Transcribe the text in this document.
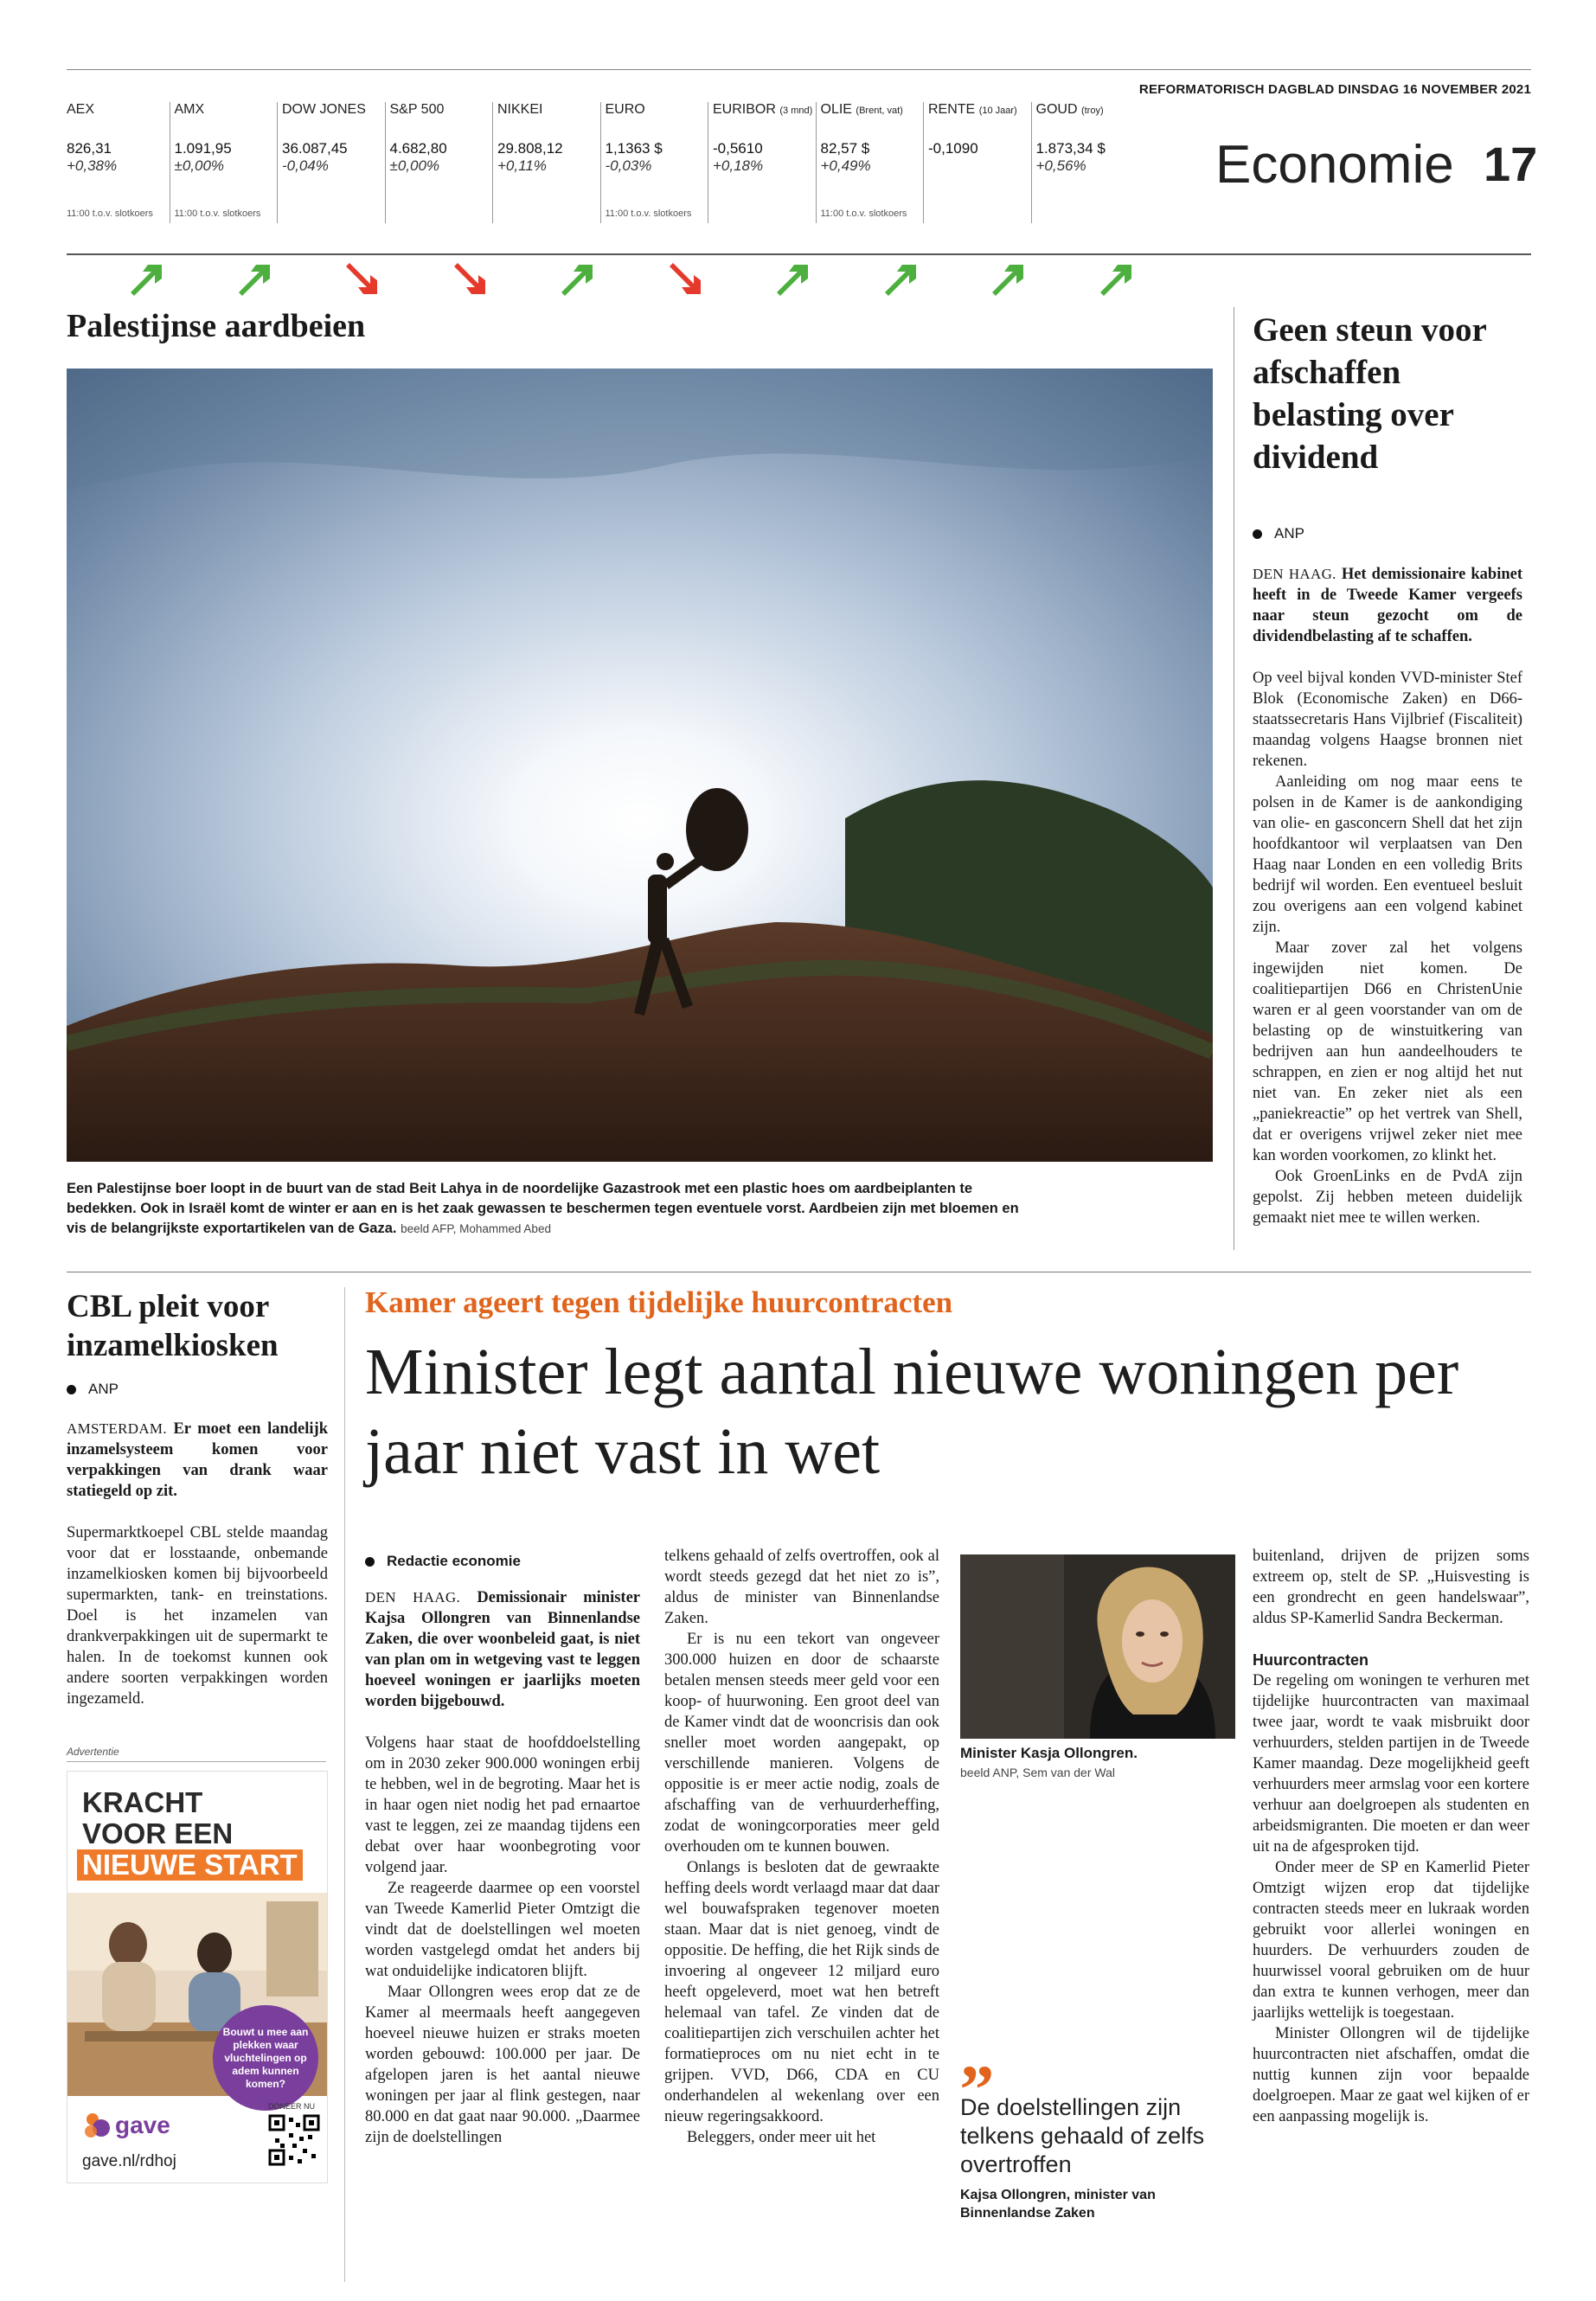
REFORMATORISCH DAGBLAD DINSDAG 16 NOVEMBER 2021
Economie 17
AEX
826,31
+0,38%
11:00 t.o.v. slotkoers
AMX
1.091,95
±0,00%
11:00 t.o.v. slotkoers
DOW JONES
36.087,45
-0,04%
S&P 500
4.682,80
±0,00%
NIKKEI
29.808,12
+0,11%
EURO
1,1363 $
-0,03%
11:00 t.o.v. slotkoers
EURIBOR (3 mnd)
-0,5610
+0,18%
OLIE (Brent, vat)
82,57 $
+0,49%
11:00 t.o.v. slotkoers
RENTE (10 Jaar)
-0,1090
GOUD (troy)
1.873,34 $
+0,56%
Palestijnse aardbeien
Een Palestijnse boer loopt in de buurt van de stad Beit Lahya in de noordelijke Gazastrook met een plastic hoes om aardbeiplanten te bedekken. Ook in Israël komt de winter er aan en is het zaak gewassen te beschermen tegen eventuele vorst. Aardbeien zijn met bloemen en vis de belangrijkste exportartikelen van de Gaza. beeld AFP, Mohammed Abed
Geen steun voor afschaffen belasting over dividend
ANP

DEN HAAG. Het demissionaire kabinet heeft in de Tweede Kamer vergeefs naar steun gezocht om de dividendbelasting af te schaffen.

Op veel bijval konden VVD-minister Stef Blok (Economische Zaken) en D66-staatssecretaris Hans Vijlbrief (Fiscaliteit) maandag volgens Haagse bronnen niet rekenen.

Aanleiding om nog maar eens te polsen in de Kamer is de aankondiging van olie- en gasconcern Shell dat het zijn hoofdkantoor wil verplaatsen van Den Haag naar Londen en een volledig Brits bedrijf wil worden. Een eventueel besluit zou overigens aan een volgend kabinet zijn.

Maar zover zal het volgens ingewijden niet komen. De coalitiepartijen D66 en ChristenUnie waren er al geen voorstander van om de belasting op de winstuitkering van bedrijven aan hun aandeelhouders te schrappen, en zien er nog altijd het nut niet van. En zeker niet als een „paniekreactie” op het vertrek van Shell, dat er overigens vrijwel zeker niet mee kan worden voorkomen, zo klinkt het.

Ook GroenLinks en de PvdA zijn gepolst. Zij hebben meteen duidelijk gemaakt niet mee te willen werken.

CBL pleit voor inzamelkiosken
ANP

AMSTERDAM. Er moet een landelijk inzamelsysteem komen voor verpakkingen van drank waar statiegeld op zit.

Supermarktkoepel CBL stelde maandag voor dat er losstaande, onbemande inzamelkiosken komen bij bijvoorbeeld supermarkten, tank- en treinstations. Doel is het inzamelen van drankverpakkingen uit de supermarkt te halen. In de toekomst kunnen ook andere soorten verpakkingen worden ingezameld.

Advertentie
KRACHT
VOOR EEN
NIEUWE START
Bouwt u mee aan plekken waar vluchtelingen op adem kunnen komen?
gave
DONEER NU
gave.nl/rdhoj
Kamer ageert tegen tijdelijke huurcontracten
Minister legt aantal nieuwe woningen per jaar niet vast in wet
Redactie economie

DEN HAAG. Demissionair minister Kajsa Ollongren van Binnenlandse Zaken, die over woonbeleid gaat, is niet van plan om in wetgeving vast te leggen hoeveel woningen er jaarlijks moeten worden bijgebouwd.

Volgens haar staat de hoofddoelstelling om in 2030 zeker 900.000 woningen erbij te hebben, wel in de begroting. Maar het is in haar ogen niet nodig het pad ernaartoe vast te leggen, zei ze maandag tijdens een debat over haar woonbegroting voor volgend jaar.

Ze reageerde daarmee op een voorstel van Tweede Kamerlid Pieter Omtzigt die vindt dat de doelstellingen wel moeten worden vastgelegd omdat het anders bij wat onduidelijke indicatoren blijft.

Maar Ollongren wees erop dat ze de Kamer al meermaals heeft aangegeven hoeveel nieuwe huizen er straks moeten worden gebouwd: 100.000 per jaar. De afgelopen jaren is het aantal nieuwe woningen per jaar al flink gestegen, naar 80.000 en dat gaat naar 90.000. „Daarmee zijn de doelstellingen

telkens gehaald of zelfs overtroffen, ook al wordt steeds gezegd dat het niet zo is”, aldus de minister van Binnenlandse Zaken.

Er is nu een tekort van ongeveer 300.000 huizen en door de schaarste betalen mensen steeds meer geld voor een koop- of huurwoning. Een groot deel van de Kamer vindt dat de wooncrisis dan ook sneller moet worden aangepakt, op verschillende manieren. Volgens de oppositie is er meer actie nodig, zoals de afschaffing van de verhuurderheffing, zodat de woningcorporaties meer geld overhouden om te kunnen bouwen.

Onlangs is besloten dat de gewraakte heffing deels wordt verlaagd maar dat daar wel bouwafspraken tegenover moeten staan. Maar dat is niet genoeg, vindt de oppositie. De heffing, die het Rijk sinds de invoering al ongeveer 12 miljard euro heeft opgeleverd, moet wat hen betreft helemaal van tafel. Ze vinden dat de coalitiepartijen zich verschuilen achter het formatieproces om nu niet echt in te grijpen. VVD, D66, CDA en CU onderhandelen al wekenlang over een nieuw regeringsakkoord.

Beleggers, onder meer uit het

Minister Kasja Ollongren.
beeld ANP, Sem van der Wal
„
De doelstellingen zijn telkens gehaald of zelfs overtroffen
Kajsa Ollongren, minister van Binnenlandse Zaken

buitenland, drijven de prijzen soms extreem op, stelt de SP. „Huisvesting is een grondrecht en geen handelswaar”, aldus SP-Kamerlid Sandra Beckerman.

Huurcontracten

De regeling om woningen te verhuren met tijdelijke huurcontracten van maximaal twee jaar, wordt te vaak misbruikt door verhuurders, stelden partijen in de Tweede Kamer maandag. Deze mogelijkheid geeft verhuurders meer armslag voor een kortere verhuur aan doelgroepen als studenten en arbeidsmigranten. Die moeten er dan weer uit na de afgesproken tijd.

Onder meer de SP en Kamerlid Pieter Omtzigt wijzen erop dat tijdelijke contracten steeds meer en lukraak worden gebruikt voor allerlei woningen en huurders. De verhuurders zouden de huurwissel vooral gebruiken om de huur dan extra te kunnen verhogen, meer dan jaarlijks wettelijk is toegestaan.

Minister Ollongren wil de tijdelijke huurcontracten niet afschaffen, omdat die nuttig kunnen zijn voor bepaalde doelgroepen. Maar ze gaat wel kijken of er een aanpassing mogelijk is.
